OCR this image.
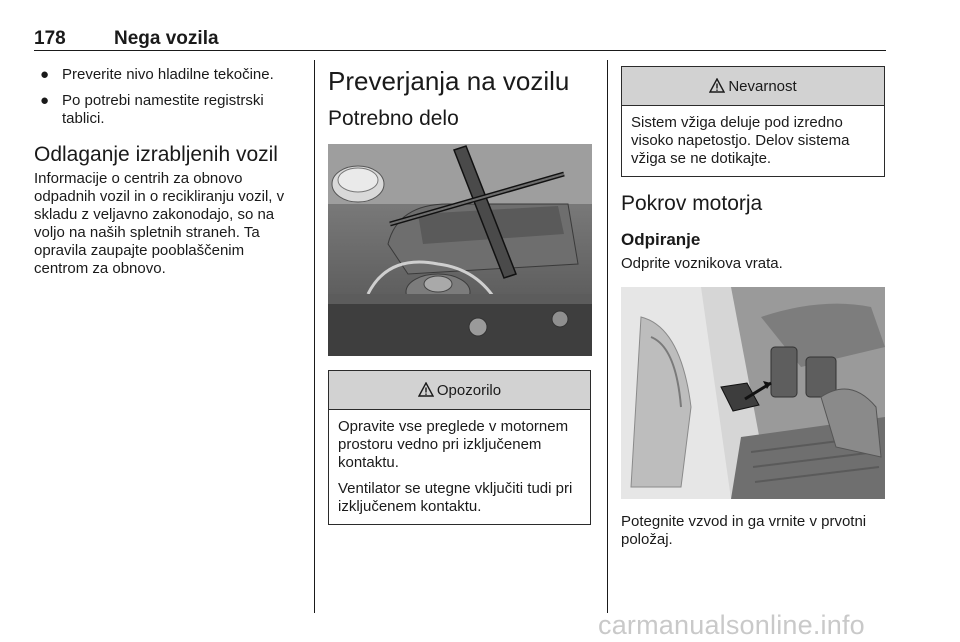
178	Nega vozila
● Preverite nivo hladilne tekočine.
● Po potrebi namestite registrski tablici.
Odlaganje izrabljenih vozil

Informacije o centrih za obnovo odpadnih vozil in o recikliranju vozil, v skladu z veljavno zakonodajo, so na voljo na naših spletnih straneh. Ta opravila zaupajte pooblaščenim centrom za obnovo.

Preverjanja na vozilu
Potrebno delo
Opozorilo

Opravite vse preglede v motornem prostoru vedno pri izključenem kontaktu.

Ventilator se utegne vključiti tudi pri izključenem kontaktu.

Nevarnost

Sistem vžiga deluje pod izredno visoko napetostjo. Delov sistema vžiga se ne dotikajte.

Pokrov motorja
Odpiranje

Odprite voznikova vrata.

Potegnite vzvod in ga vrnite v prvotni položaj.

carmanualsonline.info
